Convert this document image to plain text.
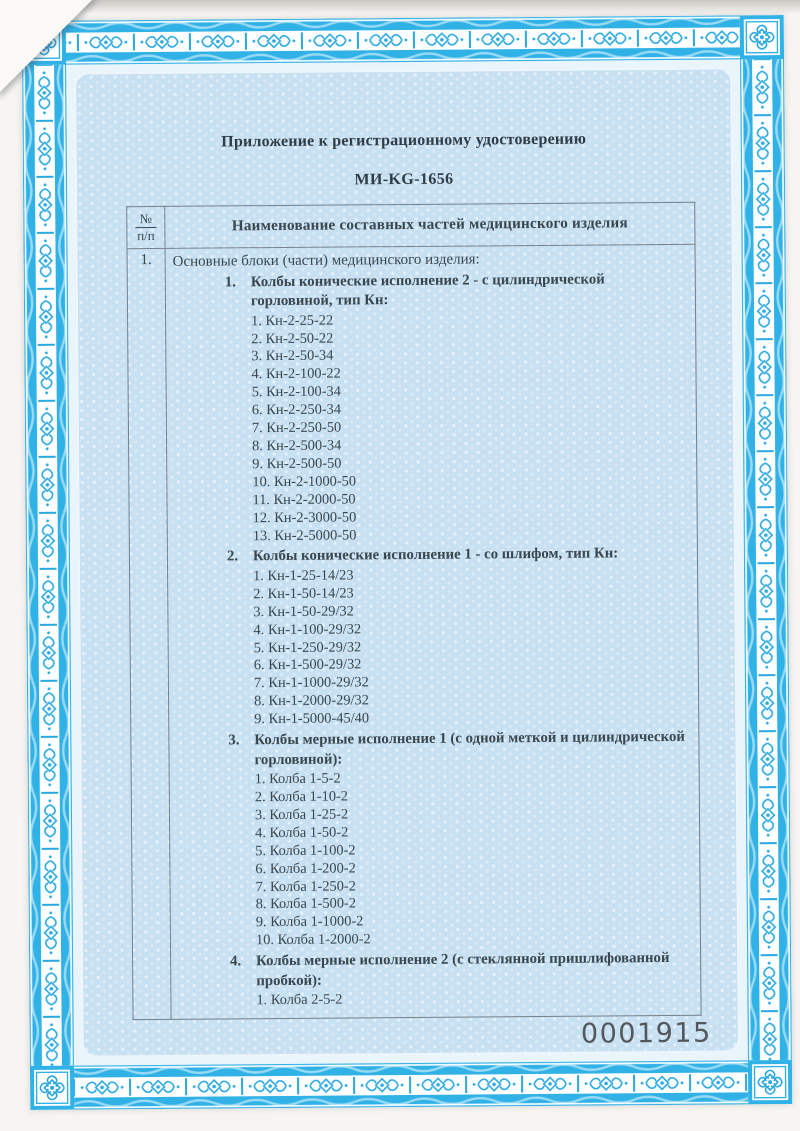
Приложение к регистрационному удостоверению
МИ-KG-1656
№
п/п	Наименование составных частей медицинского изделия
1.	Основные блоки (части) медицинского изделия:
1. Колбы конические исполнение 2 - с цилиндрической горловиной, тип Кн:
1. Кн-2-25-22
2. Кн-2-50-22
3. Кн-2-50-34
4. Кн-2-100-22
5. Кн-2-100-34
6. Кн-2-250-34
7. Кн-2-250-50
8. Кн-2-500-34
9. Кн-2-500-50
10. Кн-2-1000-50
11. Кн-2-2000-50
12. Кн-2-3000-50
13. Кн-2-5000-50
2. Колбы конические исполнение 1 - со шлифом, тип Кн:
1. Кн-1-25-14/23
2. Кн-1-50-14/23
3. Кн-1-50-29/32
4. Кн-1-100-29/32
5. Кн-1-250-29/32
6. Кн-1-500-29/32
7. Кн-1-1000-29/32
8. Кн-1-2000-29/32
9. Кн-1-5000-45/40
3. Колбы мерные исполнение 1 (с одной меткой и цилиндрической горловиной):
1. Колба 1-5-2
2. Колба 1-10-2
3. Колба 1-25-2
4. Колба 1-50-2
5. Колба 1-100-2
6. Колба 1-200-2
7. Колба 1-250-2
8. Колба 1-500-2
9. Колба 1-1000-2
10. Колба 1-2000-2
4. Колбы мерные исполнение 2 (с стеклянной пришлифованной пробкой):
1. Колба 2-5-2
0001915
